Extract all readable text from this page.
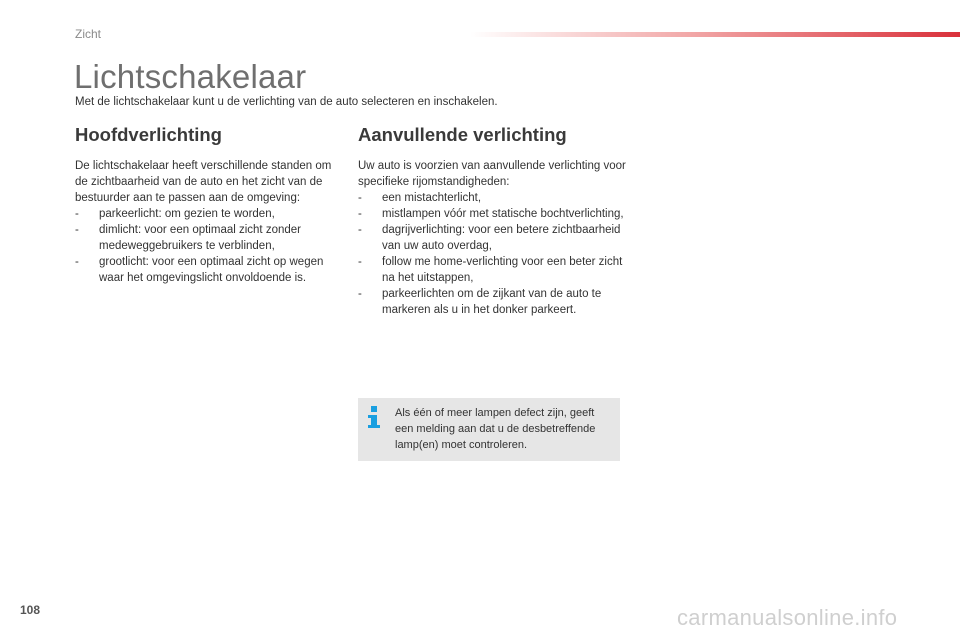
Zicht
Lichtschakelaar

Met de lichtschakelaar kunt u de verlichting van de auto selecteren en inschakelen.

Hoofdverlichting

De lichtschakelaar heeft verschillende standen om de zichtbaarheid van de auto en het zicht van de bestuurder aan te passen aan de omgeving:

- parkeerlicht: om gezien te worden,
- dimlicht: voor een optimaal zicht zonder medeweggebruikers te verblinden,
- grootlicht: voor een optimaal zicht op wegen waar het omgevingslicht onvoldoende is.
Aanvullende verlichting

Uw auto is voorzien van aanvullende verlichting voor specifieke rijomstandigheden:

- een mistachterlicht,
- mistlampen vóór met statische bochtverlichting,
- dagrijverlichting: voor een betere zichtbaarheid van uw auto overdag,
- follow me home-verlichting voor een beter zicht na het uitstappen,
- parkeerlichten om de zijkant van de auto te markeren als u in het donker parkeert.

Als één of meer lampen defect zijn, geeft een melding aan dat u de desbetreffende lamp(en) moet controleren.

108	carmanualsonline.info
